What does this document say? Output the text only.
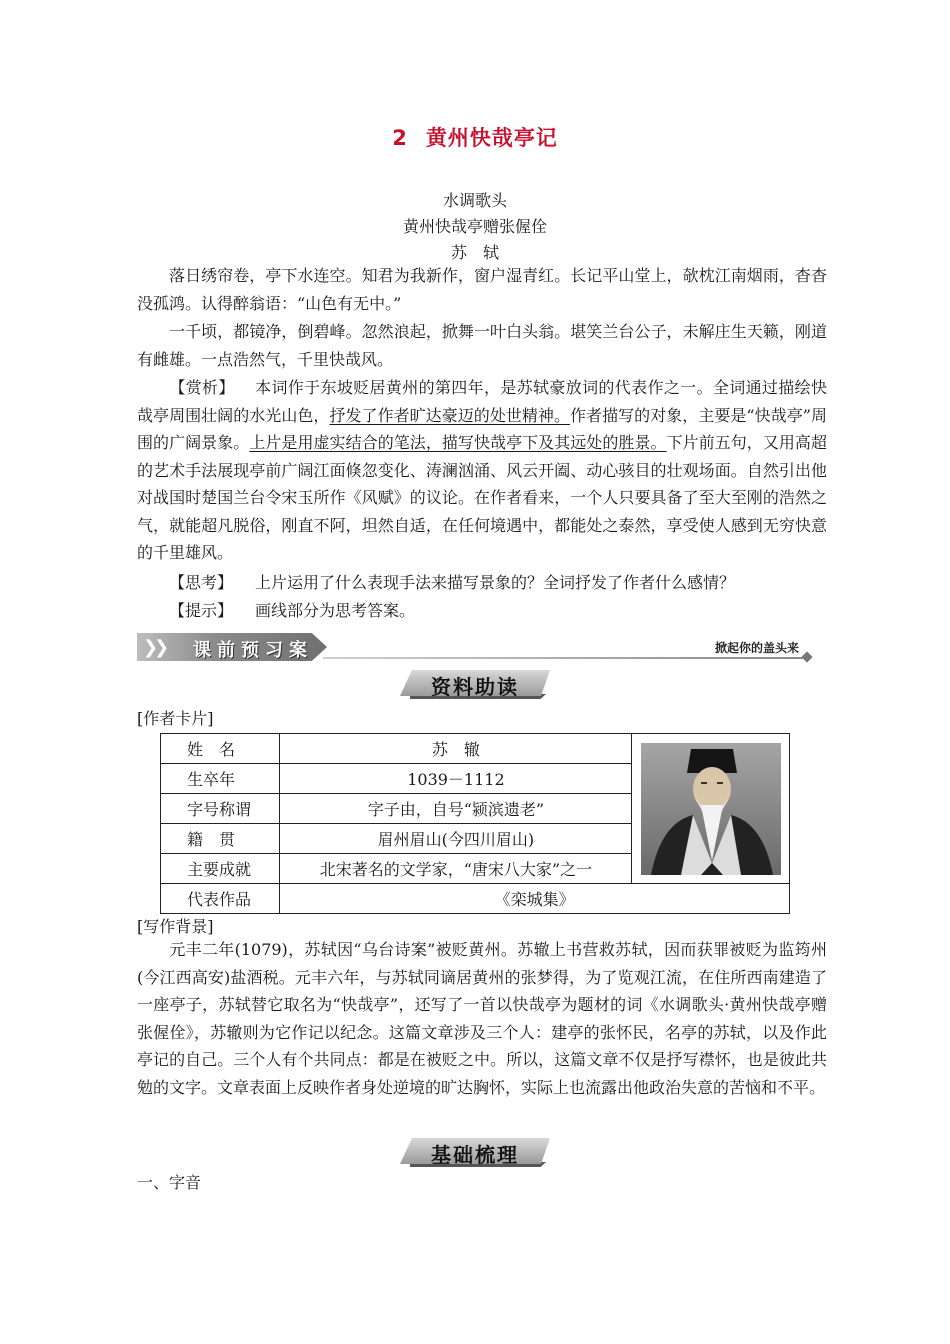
2 黄州快哉亭记
水调歌头
黄州快哉亭赠张偓佺
苏　轼
落日绣帘卷，亭下水连空。知君为我新作，窗户湿青红。长记平山堂上，欹枕江南烟雨，杳杳没孤鸿。认得醉翁语：“山色有无中。”
一千顷，都镜净，倒碧峰。忽然浪起，掀舞一叶白头翁。堪笑兰台公子，未解庄生天籁，刚道有雌雄。一点浩然气，千里快哉风。
【赏析】 本词作于东坡贬居黄州的第四年，是苏轼豪放词的代表作之一。全词通过描绘快哉亭周围壮阔的水光山色，抒发了作者旷达豪迈的处世精神。作者描写的对象，主要是“快哉亭”周围的广阔景象。上片是用虚实结合的笔法，描写快哉亭下及其远处的胜景。下片前五句，又用高超的艺术手法展现亭前广阔江面倏忽变化、涛澜汹涌、风云开阖、动心骇目的壮观场面。自然引出他对战国时楚国兰台令宋玉所作《风赋》的议论。在作者看来，一个人只要具备了至大至刚的浩然之气，就能超凡脱俗，刚直不阿，坦然自适，在任何境遇中，都能处之泰然，享受使人感到无穷快意的千里雄风。
【思考】 上片运用了什么表现手法来描写景象的？全词抒发了作者什么感情？
【提示】 画线部分为思考答案。
❯❯ 课前预习案	掀起你的盖头来
❞	资料助读
[作者卡片]
姓　名	苏　辙	

生卒年	1039－1112	
字号称谓	字子由，自号“颍滨遗老”	
籍　贯	眉州眉山(今四川眉山)	
主要成就	北宋著名的文学家，“唐宋八大家”之一	
代表作品	《栾城集》	
[写作背景]
元丰二年(1079)，苏轼因“乌台诗案”被贬黄州。苏辙上书营救苏轼，因而获罪被贬为监筠州(今江西高安)盐酒税。元丰六年，与苏轼同谪居黄州的张梦得，为了览观江流，在住所西南建造了一座亭子，苏轼替它取名为“快哉亭”，还写了一首以快哉亭为题材的词《水调歌头·黄州快哉亭赠张偓佺》，苏辙则为它作记以纪念。这篇文章涉及三个人：建亭的张怀民，名亭的苏轼，以及作此亭记的自己。三个人有个共同点：都是在被贬之中。所以，这篇文章不仅是抒写襟怀，也是彼此共勉的文字。文章表面上反映作者身处逆境的旷达胸怀，实际上也流露出他政治失意的苦恼和不平。
❞	基础梳理
一、字音
